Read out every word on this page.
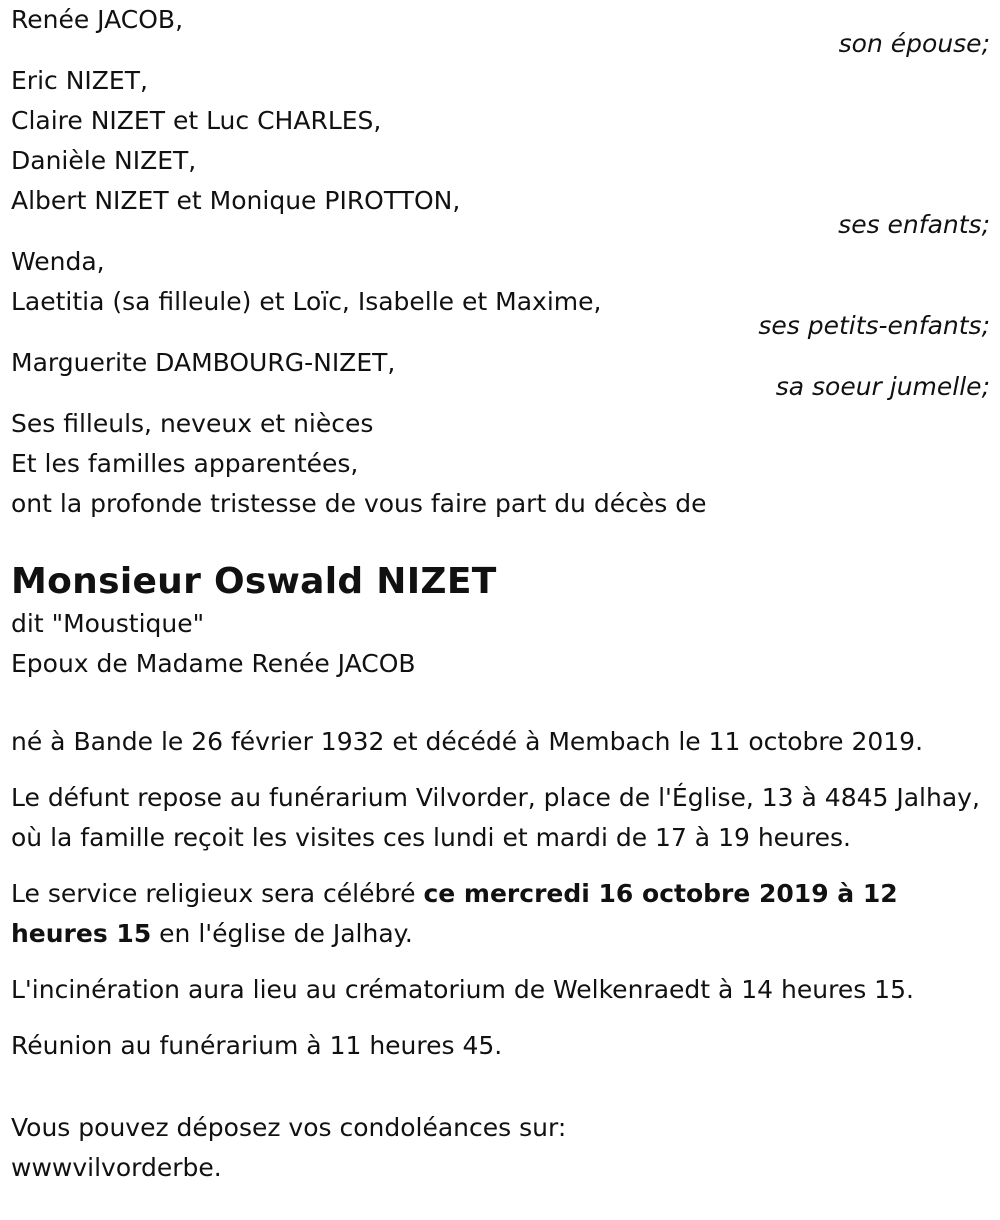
Renée JACOB,
son épouse;
Eric NIZET,
Claire NIZET et Luc CHARLES,
Danièle NIZET,
Albert NIZET et Monique PIROTTON,
ses enfants;
Wenda,
Laetitia (sa filleule) et Loïc, Isabelle et Maxime,
ses petits-enfants;
Marguerite DAMBOURG-NIZET,
sa soeur jumelle;
Ses filleuls, neveux et nièces
Et les familles apparentées,
ont la profonde tristesse de vous faire part du décès de
Monsieur Oswald NIZET
dit "Moustique"
Epoux de Madame Renée JACOB

né à Bande le 26 février 1932 et décédé à Membach le 11 octobre 2019.

Le défunt repose au funérarium Vilvorder, place de l'Église, 13 à 4845 Jalhay, où la famille reçoit les visites ces lundi et mardi de 17 à 19 heures.

Le service religieux sera célébré ce mercredi 16 octobre 2019 à 12 heures 15 en l'église de Jalhay.

L'incinération aura lieu au crématorium de Welkenraedt à 14 heures 15.

Réunion au funérarium à 11 heures 45.

Vous pouvez déposez vos condoléances sur:
wwwvilvorderbe.
